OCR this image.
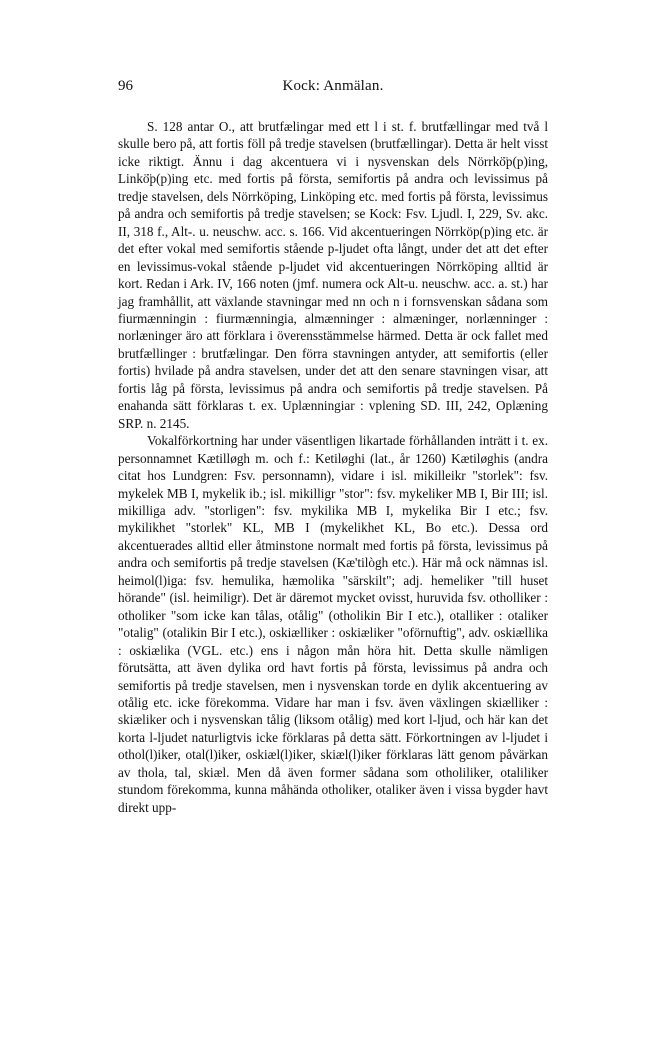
96	Kock: Anmälan.

S. 128 antar O., att brutfælingar med ett l i st. f. brutfællingar med två l skulle bero på, att fortis föll på tredje stavelsen (brutfællingar). Detta är helt visst icke riktigt. Ännu i dag akcentuera vi i nysvenskan dels Nörrkö̈p(p)ing, Linkö̈p(p)ing etc. med fortis på första, semifortis på andra och levissimus på tredje stavelsen, dels Nörrköping, Linköping etc. med fortis på första, levissimus på andra och semifortis på tredje stavelsen; se Kock: Fsv. Ljudl. I, 229, Sv. akc. II, 318 f., Alt-. u. neuschw. acc. s. 166. Vid akcentueringen Nörrköp(p)ing etc. är det efter vokal med semifortis stående p-ljudet ofta långt, under det att det efter en levissimus-vokal stående p-ljudet vid akcentueringen Nörrköping alltid är kort. Redan i Ark. IV, 166 noten (jmf. numera ock Alt-u. neuschw. acc. a. st.) har jag framhållit, att växlande stavningar med nn och n i fornsvenskan sådana som fiurmænningin : fiurmænningia, almænninger : almæninger, norlænninger : norlæninger äro att förklara i överensstämmelse härmed. Detta är ock fallet med brutfællinger : brutfælingar. Den förra stavningen antyder, att semifortis (eller fortis) hvilade på andra stavelsen, under det att den senare stavningen visar, att fortis låg på första, levissimus på andra och semifortis på tredje stavelsen. På enahanda sätt förklaras t. ex. Uplænningiar : vplening SD. III, 242, Oplæning SRP. n. 2145.

Vokalförkortning har under väsentligen likartade förhållanden inträtt i t. ex. personnamnet Kætilløgh m. och f.: Ketiløghi (lat., år 1260) Kætiløghis (andra citat hos Lundgren: Fsv. personnamn), vidare i isl. mikilleikr "storlek": fsv. mykelek MB I, mykelik ib.; isl. mikilligr "stor": fsv. mykeliker MB I, Bir III; isl. mikilliga adv. "storligen": fsv. mykilika MB I, mykelika Bir I etc.; fsv. mykilikhet "storlek" KL, MB I (mykelikhet KL, Bo etc.). Dessa ord akcentuerades alltid eller åtminstone normalt med fortis på första, levissimus på andra och semifortis på tredje stavelsen (Kæ'tilògh etc.). Här må ock nämnas isl. heimol(l)iga: fsv. hemulika, hæmolika "särskilt"; adj. hemeliker "till huset hörande" (isl. heimiligr). Det är däremot mycket ovisst, huruvida fsv. otholliker : otholiker "som icke kan tålas, otålig" (otholikin Bir I etc.), otalliker : otaliker "otalig" (otalikin Bir I etc.), oskiælliker : oskiæliker "oförnuftig", adv. oskiællika : oskiælika (VGL. etc.) ens i någon mån höra hit. Detta skulle nämligen förutsätta, att även dylika ord havt fortis på första, levissimus på andra och semifortis på tredje stavelsen, men i nysvenskan torde en dylik akcentuering av otålig etc. icke förekomma. Vidare har man i fsv. även växlingen skiælliker : skiæliker och i nysvenskan tålig (liksom otålig) med kort l-ljud, och här kan det korta l-ljudet naturligtvis icke förklaras på detta sätt. Förkortningen av l-ljudet i othol(l)iker, otal(l)iker, oskiæl(l)iker, skiæl(l)iker förklaras lätt genom påvärkan av thola, tal, skiæl. Men då även former sådana som otholiliker, otaliliker stundom förekomma, kunna måhända otholiker, otaliker även i vissa bygder havt direkt upp-
